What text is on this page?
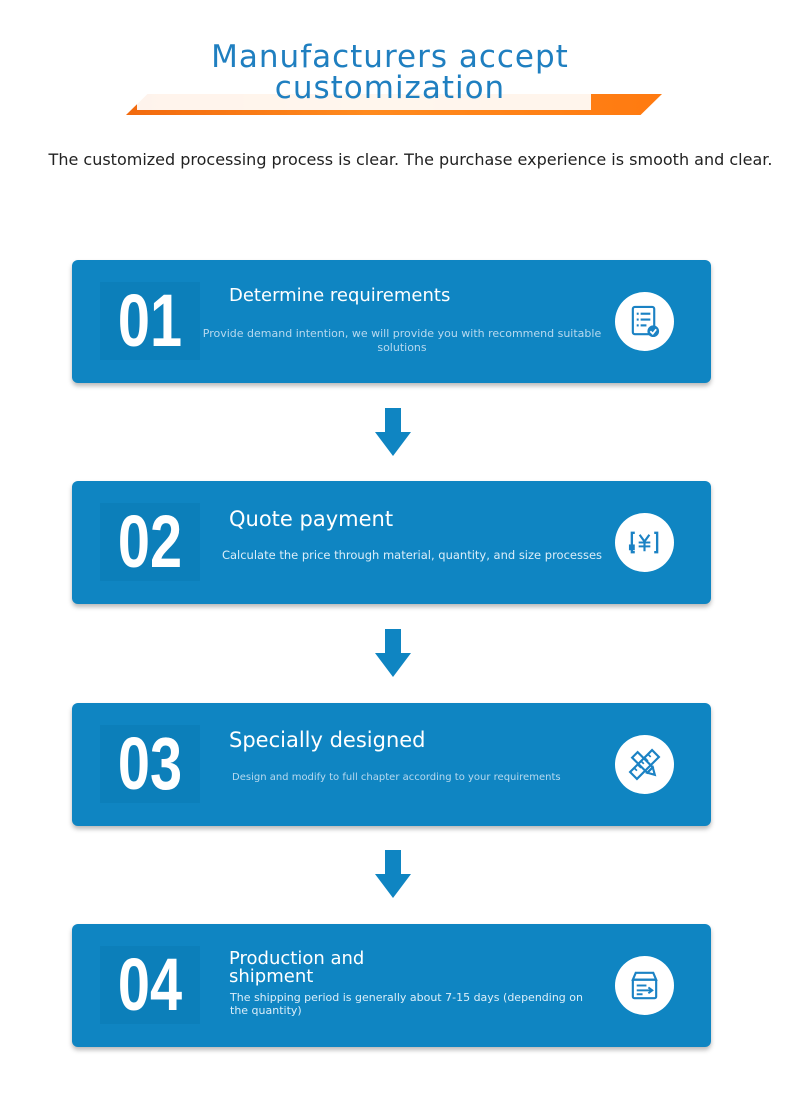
Manufacturers accept customization
The customized processing process is clear. The purchase experience is smooth and clear.
01	Determine requirements
Provide demand intention, we will provide you with recommend suitable solutions
02	Quote payment
Calculate the price through material, quantity, and size processes
03	Specially designed
Design and modify to full chapter according to your requirements
04	Production and shipment
The shipping period is generally about 7-15 days (depending on the quantity)
